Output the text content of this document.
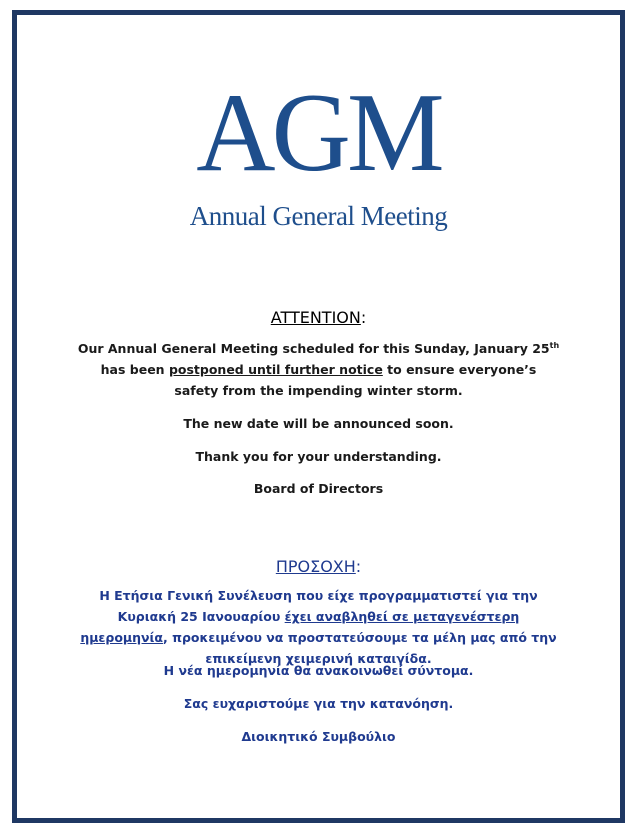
AGM
Annual General Meeting
ATTENTION:
Our Annual General Meeting scheduled for this Sunday, January 25th has been postponed until further notice to ensure everyone’s safety from the impending winter storm.
The new date will be announced soon.
Thank you for your understanding.
Board of Directors
ΠΡΟΣΟΧΗ:
Η Ετήσια Γενική Συνέλευση που είχε προγραμματιστεί για την Κυριακή 25 Ιανουαρίου έχει αναβληθεί σε μεταγενέστερη ημερομηνία, προκειμένου να προστατεύσουμε τα μέλη μας από την επικείμενη χειμερινή καταιγίδα.
Η νέα ημερομηνία θα ανακοινωθεί σύντομα.
Σας ευχαριστούμε για την κατανόηση.
Διοικητικό Συμβούλιο
